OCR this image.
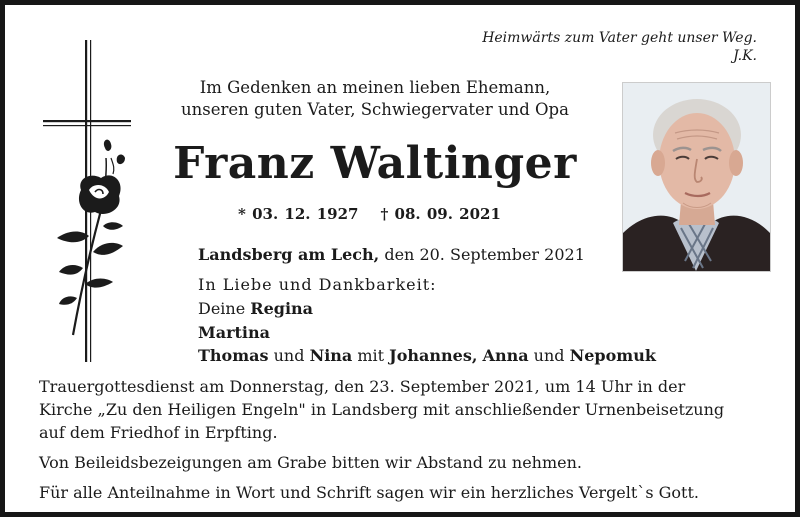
Heimwärts zum Vater geht unser Weg.
J.K.
Im Gedenken an meinen lieben Ehemann,
unseren guten Vater, Schwiegervater und Opa
Franz Waltinger
* 03. 12. 1927 † 08. 09. 2021
Landsberg am Lech, den 20. September 2021
In Liebe und Dankbarkeit:
Deine Regina
Martina
Thomas und Nina mit Johannes, Anna und Nepomuk

Trauergottesdienst am Donnerstag, den 23. September 2021, um 14 Uhr in der
Kirche „Zu den Heiligen Engeln" in Landsberg mit anschließender Urnenbeisetzung
auf dem Friedhof in Erpfting.

Von Beileidsbezeigungen am Grabe bitten wir Abstand zu nehmen.

Für alle Anteilnahme in Wort und Schrift sagen wir ein herzliches Vergelt`s Gott.
